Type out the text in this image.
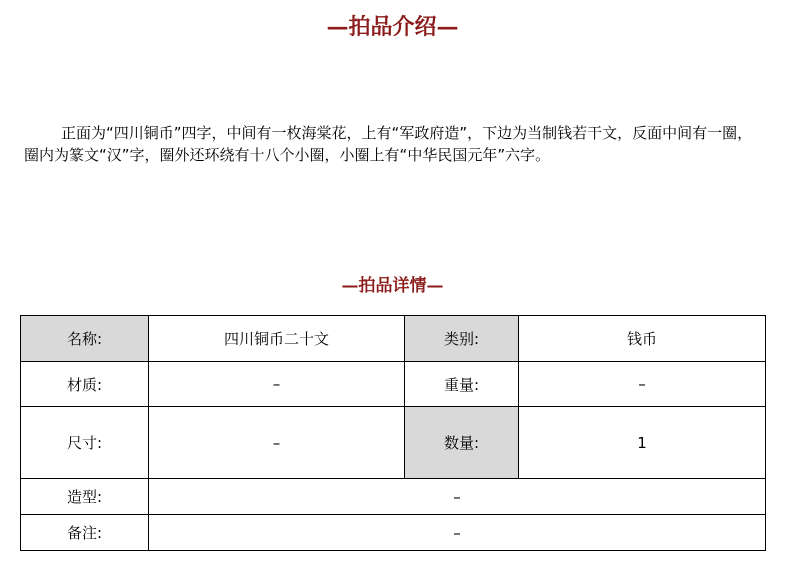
—拍品介绍—

正面为“四川铜币”四字，中间有一枚海棠花，上有“军政府造”，下边为当制钱若干文，反面中间有一圈，圈内为篆文“汉”字，圈外还环绕有十八个小圈，小圈上有“中华民国元年”六字。

—拍品详情—
名称:	四川铜币二十文	类别:	钱币
材质:	–	重量:	–
尺寸:	–	数量:	1
造型:	–		
备注:	–		
